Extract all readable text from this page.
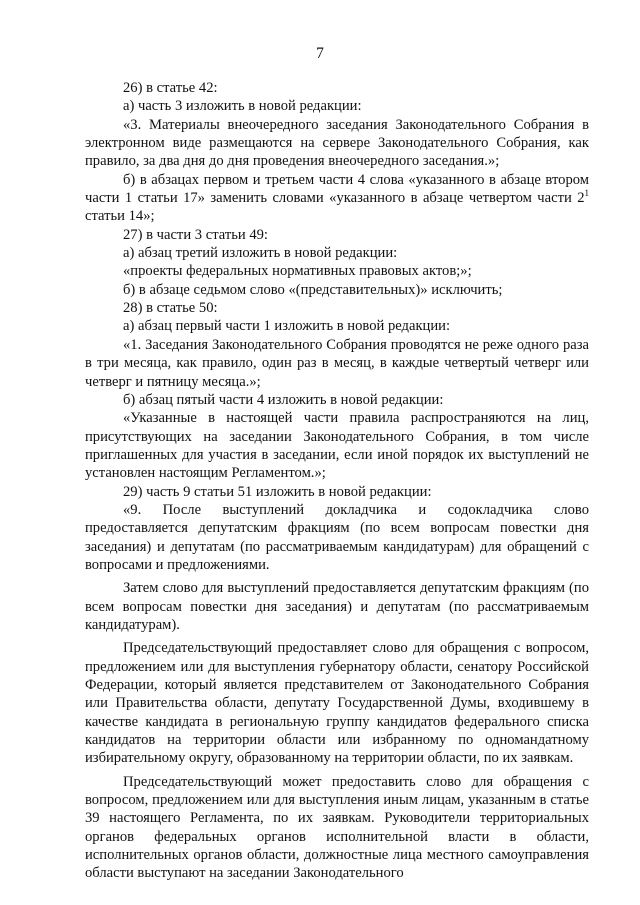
7

26) в статье 42:

а) часть 3 изложить в новой редакции:

«3. Материалы внеочередного заседания Законодательного Собрания в электронном виде размещаются на сервере Законодательного Собрания, как правило, за два дня до дня проведения внеочередного заседания.»;

б) в абзацах первом и третьем части 4 слова «указанного в абзаце втором части 1 статьи 17» заменить словами «указанного в абзаце четвертом части $2^1$ статьи 14»;

27) в части 3 статьи 49:

а) абзац третий изложить в новой редакции:

«проекты федеральных нормативных правовых актов;»;

б) в абзаце седьмом слово «(представительных)» исключить;

28) в статье 50:

а) абзац первый части 1 изложить в новой редакции:

«1. Заседания Законодательного Собрания проводятся не реже одного раза в три месяца, как правило, один раз в месяц, в каждые четвертый четверг или четверг и пятницу месяца.»;

б) абзац пятый части 4 изложить в новой редакции:

«Указанные в настоящей части правила распространяются на лиц, присутствующих на заседании Законодательного Собрания, в том числе приглашенных для участия в заседании, если иной порядок их выступлений не установлен настоящим Регламентом.»;

29) часть 9 статьи 51 изложить в новой редакции:

«9. После выступлений докладчика и содокладчика слово предоставляется депутатским фракциям (по всем вопросам повестки дня заседания) и депутатам (по рассматриваемым кандидатурам) для обращений с вопросами и предложениями.

Затем слово для выступлений предоставляется депутатским фракциям (по всем вопросам повестки дня заседания) и депутатам (по рассматриваемым кандидатурам).

Председательствующий предоставляет слово для обращения с вопросом, предложением или для выступления губернатору области, сенатору Российской Федерации, который является представителем от Законодательного Собрания или Правительства области, депутату Государственной Думы, входившему в качестве кандидата в региональную группу кандидатов федерального списка кандидатов на территории области или избранному по одномандатному избирательному округу, образованному на территории области, по их заявкам.

Председательствующий может предоставить слово для обращения с вопросом, предложением или для выступления иным лицам, указанным в статье 39 настоящего Регламента, по их заявкам. Руководители территориальных органов федеральных органов исполнительной власти в области, исполнительных органов области, должностные лица местного самоуправления области выступают на заседании Законодательного
